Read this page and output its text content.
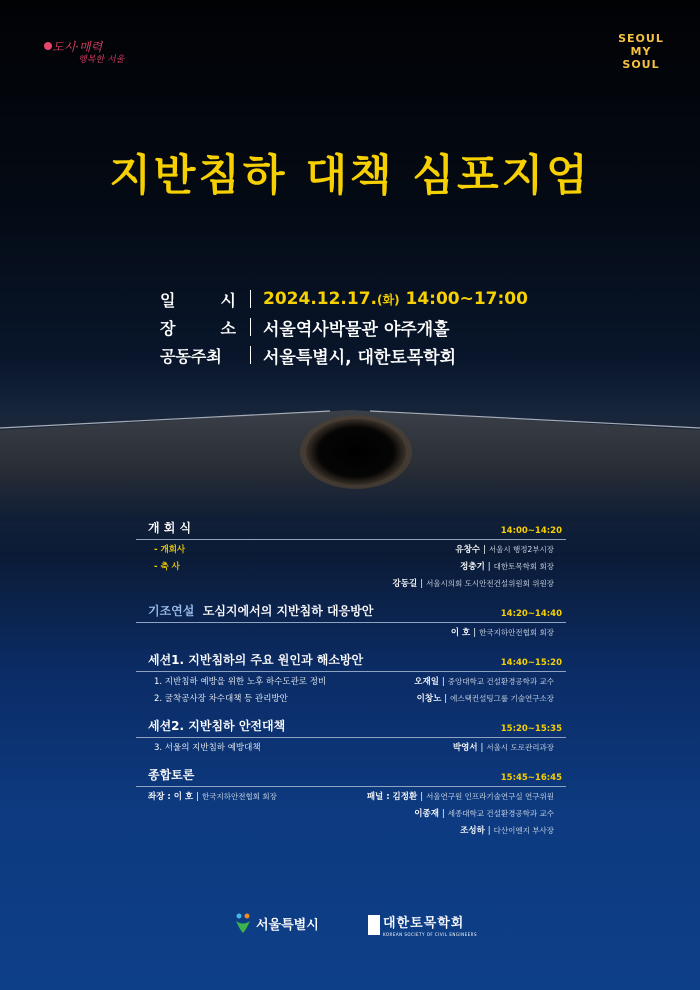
도시·매력
행복한 서울
SEOUL
MY SOUL
지반침하 대책 심포지엄
일 시 2024.12.17.(화) 14:00~17:00
장 소 서울역사박물관 야주개홀
공동주최	서울특별시, 대한토목학회
개 회 식	14:00~14:20
- 개회사	유창수 | 서울시 행정2부시장
- 축 사	정충기 | 대한토목학회 회장
강동길 | 서울시의회 도시안전건설위원회 위원장
기조연설 도심지에서의 지반침하 대응방안	14:20~14:40
이 호 | 한국지하안전협회 회장
세션1. 지반침하의 주요 원인과 해소방안	14:40~15:20
1. 지반침하 예방을 위한 노후 하수도관로 정비	오재일 | 중앙대학교 건설환경공학과 교수
2. 굴착공사장 차수대책 등 관리방안	이창노 | 에스택컨설팅그룹 기술연구소장
세션2. 지반침하 안전대책	15:20~15:35
3. 서울의 지반침하 예방대책	박영서 | 서울시 도로관리과장
종합토론	15:45~16:45
좌장 : 이 호 | 한국지하안전협회 회장	패널 : 김정환 | 서울연구원 인프라기술연구실 연구위원
이종재 | 세종대학교 건설환경공학과 교수
조성하 | 다산이엔지 부사장
서울특별시	대한토목학회
KOREAN SOCIETY OF CIVIL ENGINEERS
